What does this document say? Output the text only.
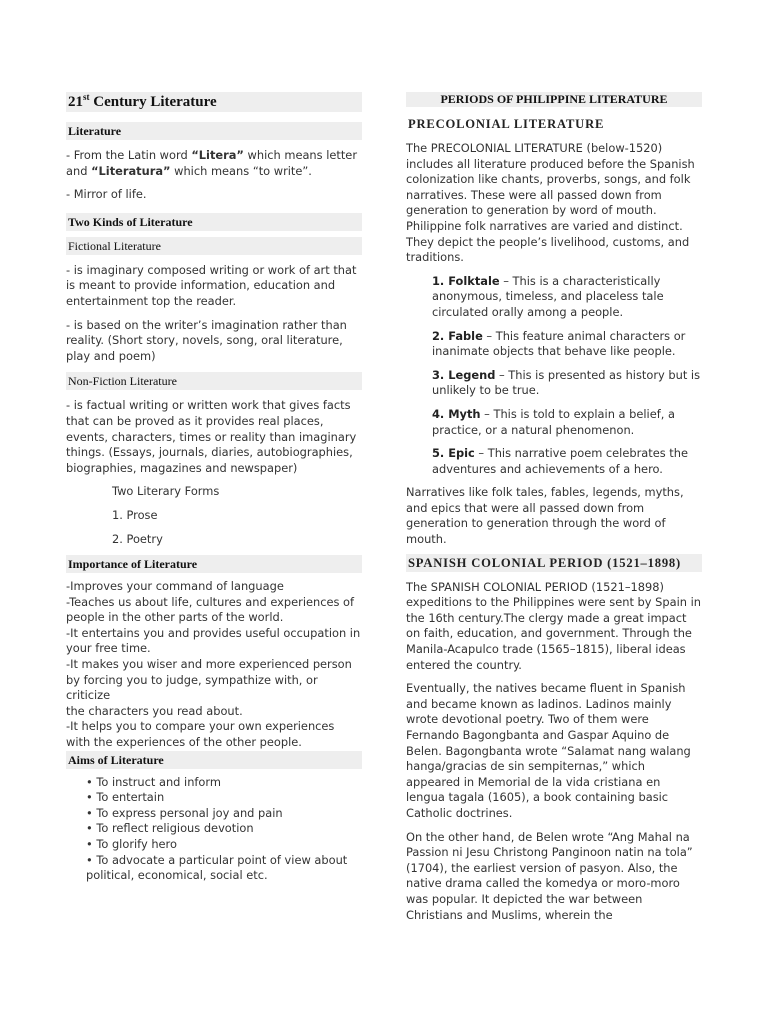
21st Century Literature
Literature

- From the Latin word “Litera” which means letter and “Literatura” which means “to write”.

- Mirror of life.

Two Kinds of Literature
Fictional Literature

- is imaginary composed writing or work of art that is meant to provide information, education and entertainment top the reader.

- is based on the writer’s imagination rather than reality. (Short story, novels, song, oral literature, play and poem)

Non-Fiction Literature

- is factual writing or written work that gives facts that can be proved as it provides real places, events, characters, times or reality than imaginary things. (Essays, journals, diaries, autobiographies, biographies, magazines and newspaper)

Two Literary Forms

1. Prose

2. Poetry

Importance of Literature
-Improves your command of language
-Teaches us about life, cultures and experiences of people in the other parts of the world.
-It entertains you and provides useful occupation in your free time.
-It makes you wiser and more experienced person by forcing you to judge, sympathize with, or criticize
the characters you read about.
-It helps you to compare your own experiences with the experiences of the other people.
Aims of Literature
• To instruct and inform
• To entertain
• To express personal joy and pain
• To reflect religious devotion
• To glorify hero
• To advocate a particular point of view about political, economical, social etc.
PERIODS OF PHILIPPINE LITERATURE
PRECOLONIAL LITERATURE

The PRECOLONIAL LITERATURE (below-1520) includes all literature produced before the Spanish colonization like chants, proverbs, songs, and folk narratives. These were all passed down from generation to generation by word of mouth. Philippine folk narratives are varied and distinct. They depict the people’s livelihood, customs, and traditions.

1. Folktale – This is a characteristically anonymous, timeless, and placeless tale circulated orally among a people.

2. Fable – This feature animal characters or inanimate objects that behave like people.

3. Legend – This is presented as history but is unlikely to be true.

4. Myth – This is told to explain a belief, a practice, or a natural phenomenon.

5. Epic – This narrative poem celebrates the adventures and achievements of a hero.

Narratives like folk tales, fables, legends, myths, and epics that were all passed down from generation to generation through the word of mouth.

SPANISH COLONIAL PERIOD (1521–1898)

The SPANISH COLONIAL PERIOD (1521–1898) expeditions to the Philippines were sent by Spain in the 16th century.The clergy made a great impact on faith, education, and government. Through the Manila-Acapulco trade (1565–1815), liberal ideas entered the country.

Eventually, the natives became fluent in Spanish and became known as ladinos. Ladinos mainly wrote devotional poetry. Two of them were Fernando Bagongbanta and Gaspar Aquino de Belen. Bagongbanta wrote “Salamat nang walang hanga/gracias de sin sempiternas,” which appeared in Memorial de la vida cristiana en lengua tagala (1605), a book containing basic Catholic doctrines.

On the other hand, de Belen wrote “Ang Mahal na Passion ni Jesu Christong Panginoon natin na tola” (1704), the earliest version of pasyon. Also, the native drama called the komedya or moro-moro was popular. It depicted the war between Christians and Muslims, wherein the
